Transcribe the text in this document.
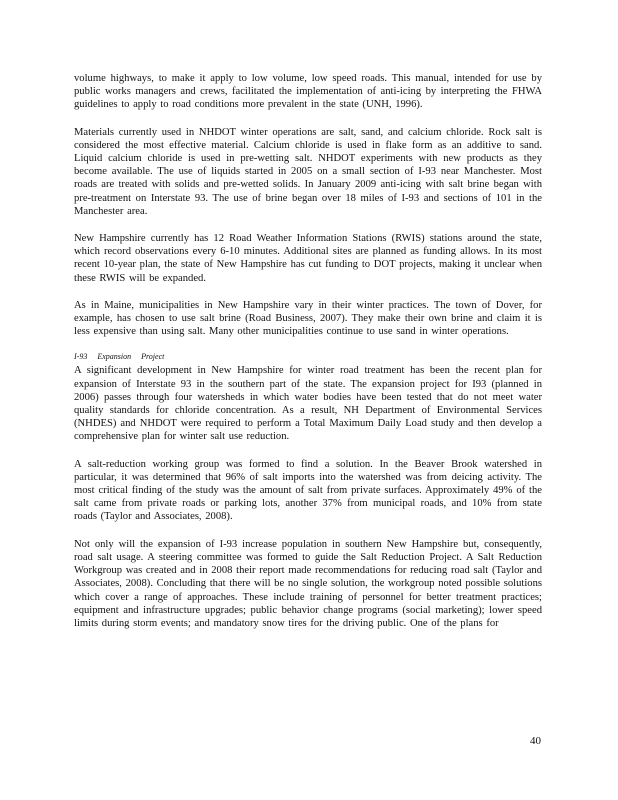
volume highways, to make it apply to low volume, low speed roads. This manual, intended for use by public works managers and crews, facilitated the implementation of anti-icing by interpreting the FHWA guidelines to apply to road conditions more prevalent in the state (UNH, 1996).

Materials currently used in NHDOT winter operations are salt, sand, and calcium chloride. Rock salt is considered the most effective material. Calcium chloride is used in flake form as an additive to sand. Liquid calcium chloride is used in pre-wetting salt. NHDOT experiments with new products as they become available. The use of liquids started in 2005 on a small section of I-93 near Manchester. Most roads are treated with solids and pre-wetted solids. In January 2009 anti-icing with salt brine began with pre-treatment on Interstate 93. The use of brine began over 18 miles of I-93 and sections of 101 in the Manchester area.

New Hampshire currently has 12 Road Weather Information Stations (RWIS) stations around the state, which record observations every 6-10 minutes. Additional sites are planned as funding allows. In its most recent 10-year plan, the state of New Hampshire has cut funding to DOT projects, making it unclear when these RWIS will be expanded.

As in Maine, municipalities in New Hampshire vary in their winter practices. The town of Dover, for example, has chosen to use salt brine (Road Business, 2007). They make their own brine and claim it is less expensive than using salt. Many other municipalities continue to use sand in winter operations.

I-93 Expansion Project

A significant development in New Hampshire for winter road treatment has been the recent plan for expansion of Interstate 93 in the southern part of the state. The expansion project for I93 (planned in 2006) passes through four watersheds in which water bodies have been tested that do not meet water quality standards for chloride concentration. As a result, NH Department of Environmental Services (NHDES) and NHDOT were required to perform a Total Maximum Daily Load study and then develop a comprehensive plan for winter salt use reduction.

A salt-reduction working group was formed to find a solution. In the Beaver Brook watershed in particular, it was determined that 96% of salt imports into the watershed was from deicing activity. The most critical finding of the study was the amount of salt from private surfaces. Approximately 49% of the salt came from private roads or parking lots, another 37% from municipal roads, and 10% from state roads (Taylor and Associates, 2008).

Not only will the expansion of I-93 increase population in southern New Hampshire but, consequently, road salt usage. A steering committee was formed to guide the Salt Reduction Project. A Salt Reduction Workgroup was created and in 2008 their report made recommendations for reducing road salt (Taylor and Associates, 2008). Concluding that there will be no single solution, the workgroup noted possible solutions which cover a range of approaches. These include training of personnel for better treatment practices; equipment and infrastructure upgrades; public behavior change programs (social marketing); lower speed limits during storm events; and mandatory snow tires for the driving public. One of the plans for

40
